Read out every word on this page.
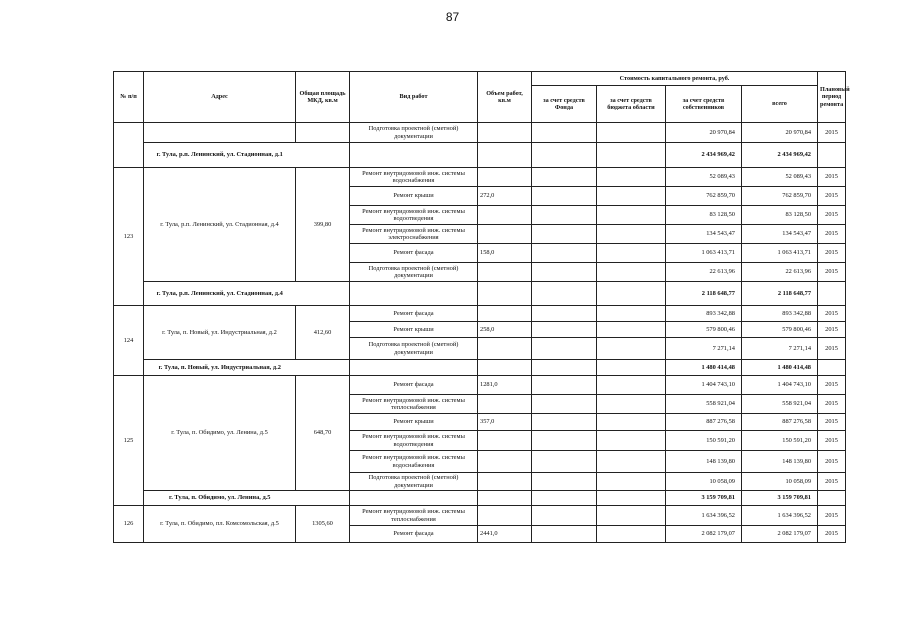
87
№ п/п	Адрес	Общая площадь МКД, кв.м	Вид работ	Объем работ, кв.м	Стоимость капитального ремонта, руб.				Плановый период ремонта
					за счет средств Фонда	за счет средств бюджета области	за счет средств собственников	всего	
			Подготовка проектной (сметной) документации				20 970,84	20 970,84	2015
	г. Тула, р.п. Ленинский, ул. Стадионная, д.1						2 434 969,42	2 434 969,42	
123	г. Тула, р.п. Ленинский, ул. Стадионная, д.4	399,80	Ремонт внутридомовой инж. системы водоснабжения				52 089,43	52 089,43	2015
			Ремонт крыши	272,0			762 859,70	762 859,70	2015
			Ремонт внутридомовой инж. системы водоотведения				83 128,50	83 128,50	2015
			Ремонт внутридомовой инж. системы электроснабжения				134 543,47	134 543,47	2015
			Ремонт фасада	158,0			1 063 413,71	1 063 413,71	2015
			Подготовка проектной (сметной) документации				22 613,96	22 613,96	2015
	г. Тула, р.п. Ленинский, ул. Стадионная, д.4						2 118 648,77	2 118 648,77	
124	г. Тула, п. Новый, ул. Индустриальная, д.2	412,60	Ремонт фасада				893 342,88	893 342,88	2015
			Ремонт крыши	258,0			579 800,46	579 800,46	2015
			Подготовка проектной (сметной) документации				7 271,14	7 271,14	2015
	г. Тула, п. Новый, ул. Индустриальная, д.2						1 480 414,48	1 480 414,48	
125	г. Тула, п. Обидимо, ул. Ленина, д.5	648,70	Ремонт фасада	1281,0			1 404 743,10	1 404 743,10	2015
			Ремонт внутридомовой инж. системы теплоснабжения				558 921,04	558 921,04	2015
			Ремонт крыши	357,0			887 276,58	887 276,58	2015
			Ремонт внутридомовой инж. системы водоотведения				150 591,20	150 591,20	2015
			Ремонт внутридомовой инж. системы водоснабжения				148 139,80	148 139,80	2015
			Подготовка проектной (сметной) документации				10 058,09	10 058,09	2015
	г. Тула, п. Обидимо, ул. Ленина, д.5						3 159 709,81	3 159 709,81	
126	г. Тула, п. Обидимо, пл. Комсомольская, д.5	1305,60	Ремонт внутридомовой инж. системы теплоснабжения				1 634 396,52	1 634 396,52	2015
			Ремонт фасада	2441,0			2 082 179,07	2 082 179,07	2015
